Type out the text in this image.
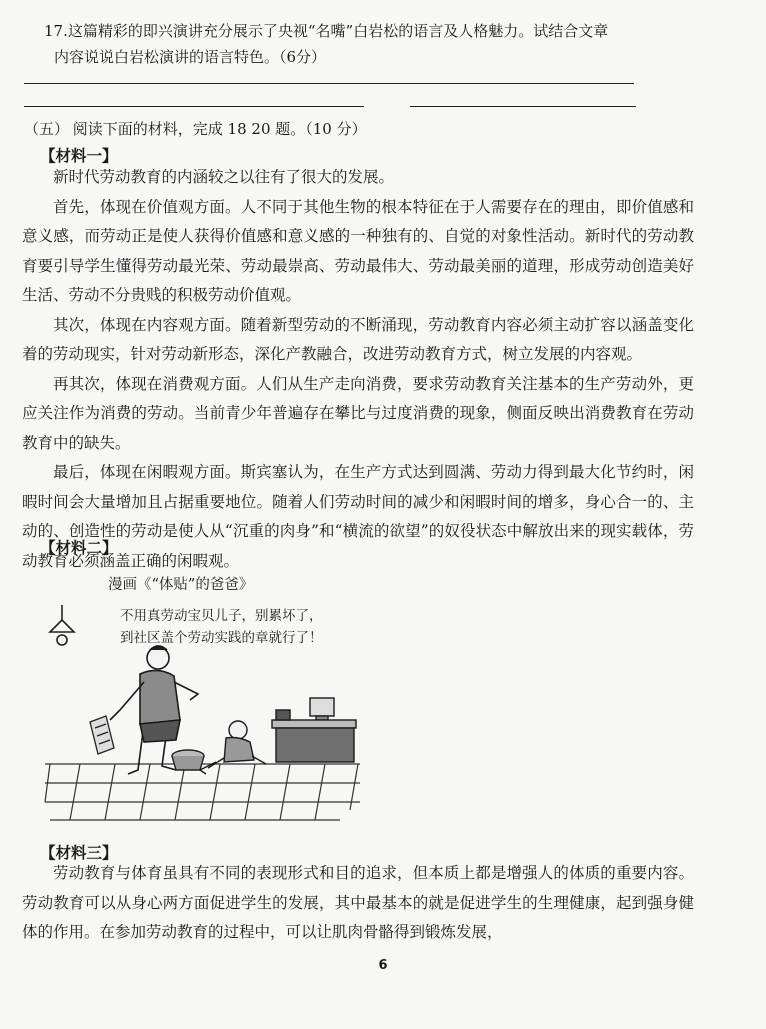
17.这篇精彩的即兴演讲充分展示了央视“名嘴”白岩松的语言及人格魅力。试结合文章
内容说说白岩松演讲的语言特色。（6分）
（五） 阅读下面的材料，完成 18 20 题。（10 分）
【材料一】

新时代劳动教育的内涵较之以往有了很大的发展。

首先，体现在价值观方面。人不同于其他生物的根本特征在于人需要存在的理由，即价值感和意义感，而劳动正是使人获得价值感和意义感的一种独有的、自觉的对象性活动。新时代的劳动教育要引导学生懂得劳动最光荣、劳动最崇高、劳动最伟大、劳动最美丽的道理，形成劳动创造美好生活、劳动不分贵贱的积极劳动价值观。

其次，体现在内容观方面。随着新型劳动的不断涌现，劳动教育内容必须主动扩容以涵盖变化着的劳动现实，针对劳动新形态，深化产教融合，改进劳动教育方式，树立发展的内容观。

再其次，体现在消费观方面。人们从生产走向消费，要求劳动教育关注基本的生产劳动外，更应关注作为消费的劳动。当前青少年普遍存在攀比与过度消费的现象，侧面反映出消费教育在劳动教育中的缺失。

最后，体现在闲暇观方面。斯宾塞认为，在生产方式达到圆满、劳动力得到最大化节约时，闲暇时间会大量增加且占据重要地位。随着人们劳动时间的减少和闲暇时间的增多，身心合一的、主动的、创造性的劳动是使人从“沉重的肉身”和“横流的欲望”的奴役状态中解放出来的现实载体，劳动教育必须涵盖正确的闲暇观。

【材料二】
漫画《“体贴”的爸爸》
不用真劳动宝贝儿子，别累坏了，
到社区盖个劳动实践的章就行了！
【材料三】

劳动教育与体育虽具有不同的表现形式和目的追求，但本质上都是增强人的体质的重要内容。劳动教育可以从身心两方面促进学生的发展，其中最基本的就是促进学生的生理健康，起到强身健体的作用。在参加劳动教育的过程中，可以让肌肉骨骼得到锻炼发展，

6
